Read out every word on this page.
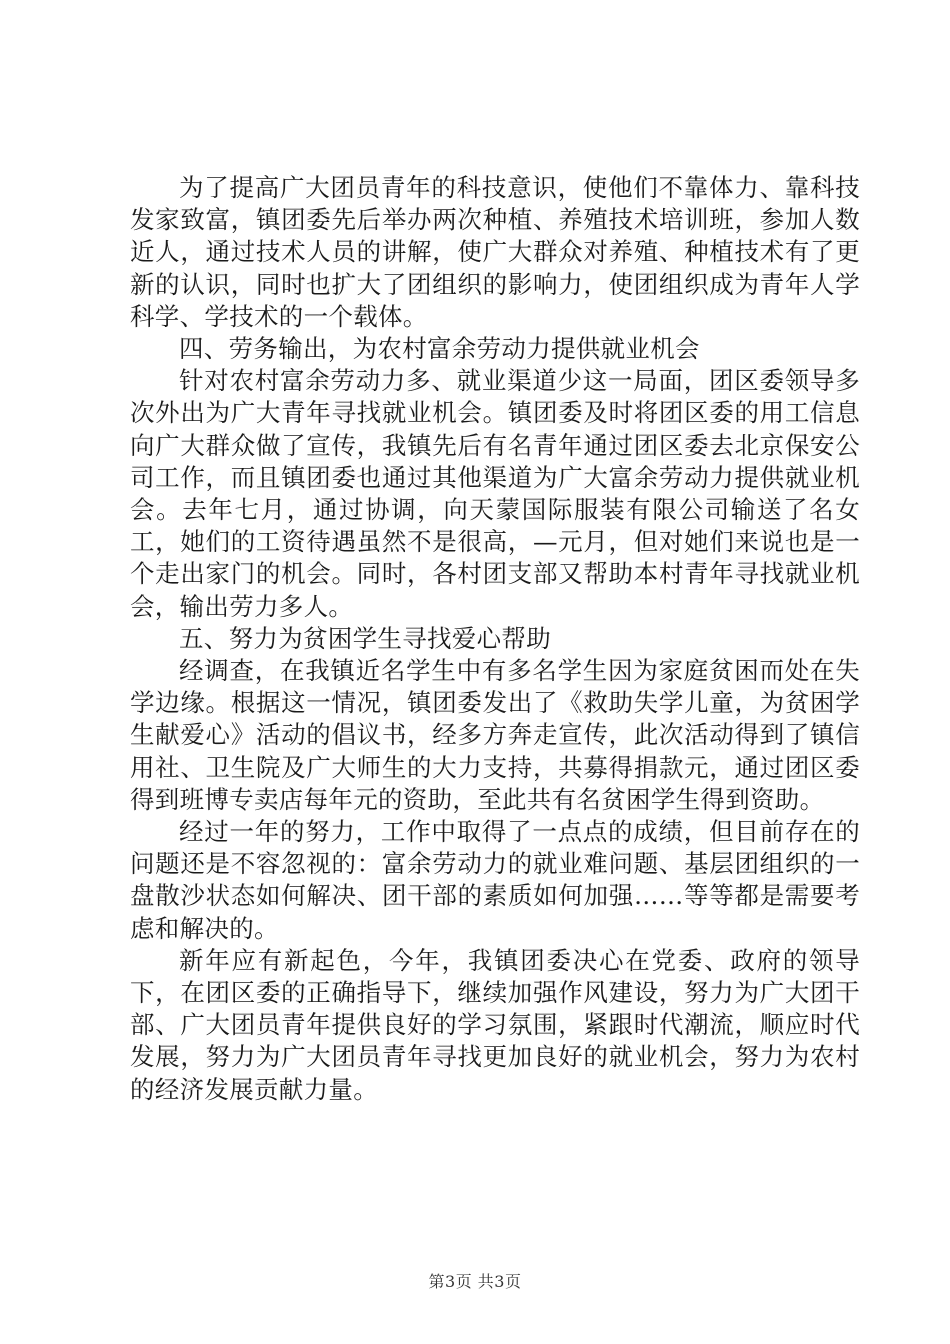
为了提高广大团员青年的科技意识，使他们不靠体力、靠科技发家致富，镇团委先后举办两次种植、养殖技术培训班，参加人数近人，通过技术人员的讲解，使广大群众对养殖、种植技术有了更新的认识，同时也扩大了团组织的影响力，使团组织成为青年人学科学、学技术的一个载体。

四、劳务输出，为农村富余劳动力提供就业机会

针对农村富余劳动力多、就业渠道少这一局面，团区委领导多次外出为广大青年寻找就业机会。镇团委及时将团区委的用工信息向广大群众做了宣传，我镇先后有名青年通过团区委去北京保安公司工作，而且镇团委也通过其他渠道为广大富余劳动力提供就业机会。去年七月，通过协调，向天蒙国际服装有限公司输送了名女工，她们的工资待遇虽然不是很高，—元月，但对她们来说也是一个走出家门的机会。同时，各村团支部又帮助本村青年寻找就业机会，输出劳力多人。

五、努力为贫困学生寻找爱心帮助

经调查，在我镇近名学生中有多名学生因为家庭贫困而处在失学边缘。根据这一情况，镇团委发出了《救助失学儿童，为贫困学生献爱心》活动的倡议书，经多方奔走宣传，此次活动得到了镇信用社、卫生院及广大师生的大力支持，共募得捐款元，通过团区委得到班博专卖店每年元的资助，至此共有名贫困学生得到资助。

经过一年的努力，工作中取得了一点点的成绩，但目前存在的问题还是不容忽视的：富余劳动力的就业难问题、基层团组织的一盘散沙状态如何解决、团干部的素质如何加强……等等都是需要考虑和解决的。

新年应有新起色，今年，我镇团委决心在党委、政府的领导下，在团区委的正确指导下，继续加强作风建设，努力为广大团干部、广大团员青年提供良好的学习氛围，紧跟时代潮流，顺应时代发展，努力为广大团员青年寻找更加良好的就业机会，努力为农村的经济发展贡献力量。

第3页 共3页
